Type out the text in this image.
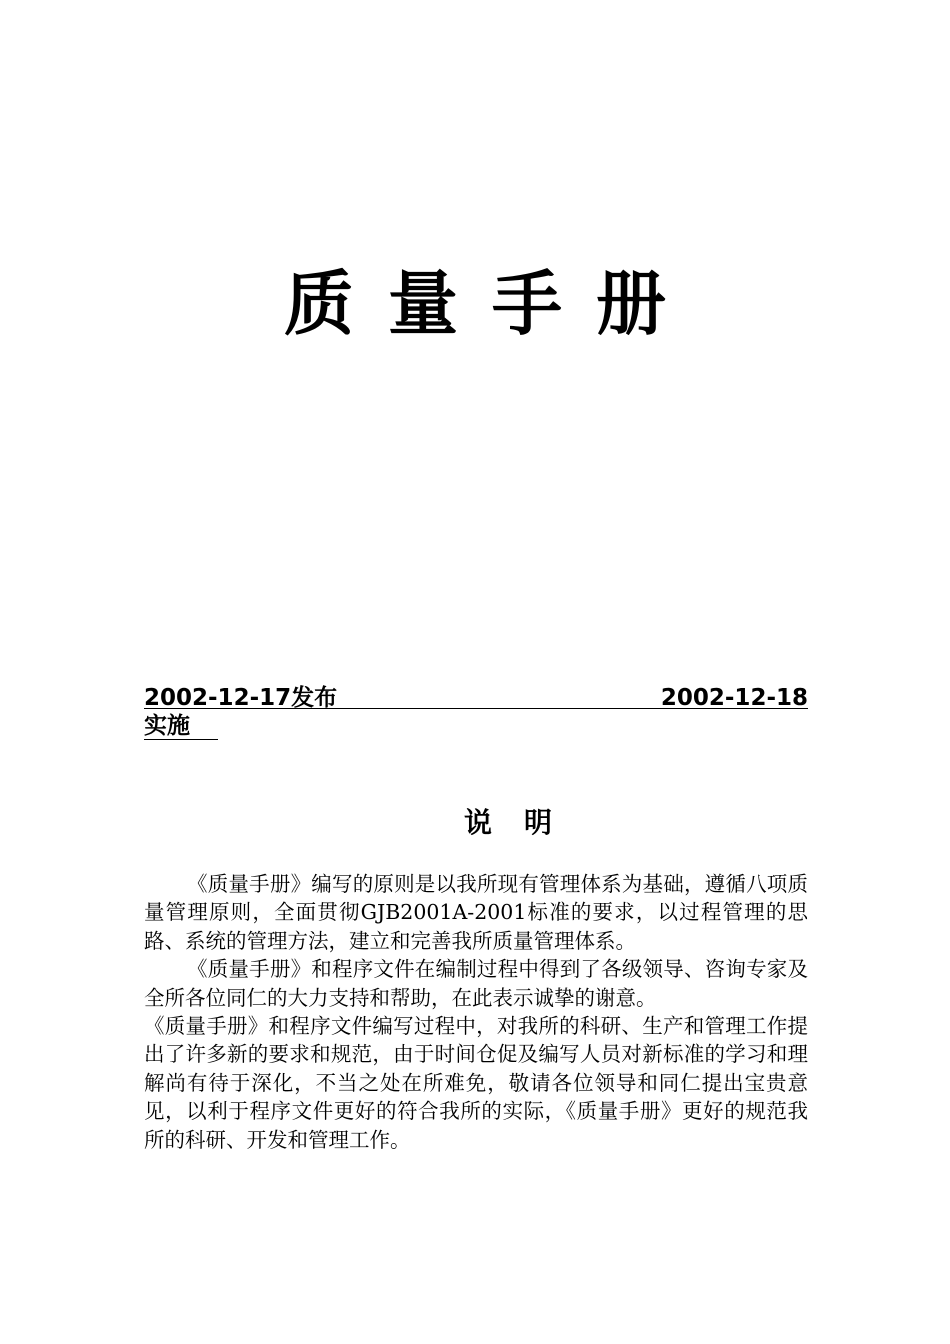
质 量 手 册
2002-12-17发布	2002-12-18
实施
说 明

《质量手册》编写的原则是以我所现有管理体系为基础，遵循八项质量管理原则，全面贯彻GJB2001A-2001标准的要求，以过程管理的思路、系统的管理方法，建立和完善我所质量管理体系。

《质量手册》和程序文件在编制过程中得到了各级领导、咨询专家及全所各位同仁的大力支持和帮助，在此表示诚挚的谢意。

《质量手册》和程序文件编写过程中，对我所的科研、生产和管理工作提出了许多新的要求和规范，由于时间仓促及编写人员对新标准的学习和理解尚有待于深化，不当之处在所难免，敬请各位领导和同仁提出宝贵意见，以利于程序文件更好的符合我所的实际，《质量手册》更好的规范我所的科研、开发和管理工作。
